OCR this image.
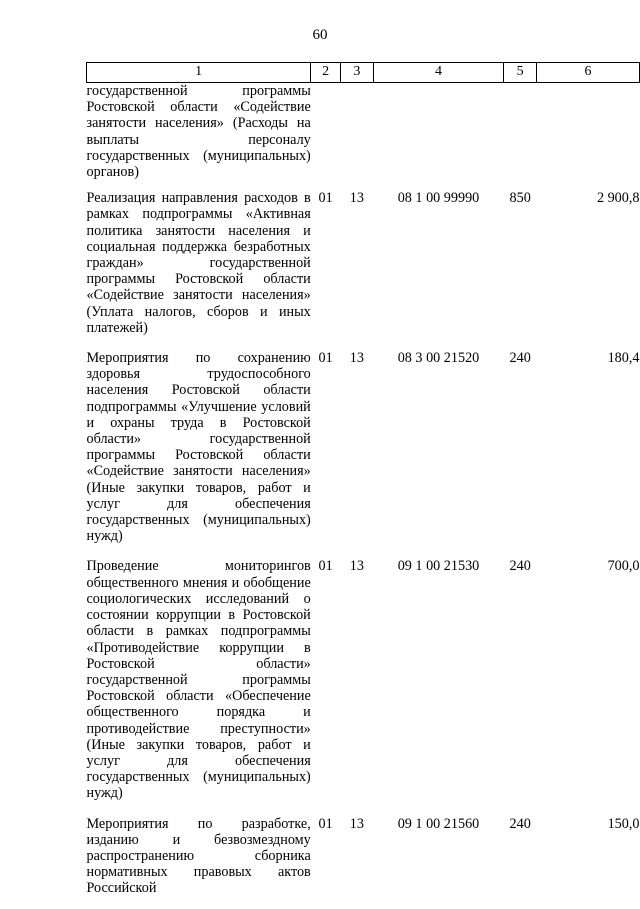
60
1	2	3	4	5	6
государственной программы Ростовской области «Содействие занятости населения» (Расходы на выплаты персоналу государственных (муниципальных) органов)					
Реализация направления расходов в рамках подпрограммы «Активная политика занятости населения и социальная поддержка безработных граждан» государственной программы Ростовской области «Содействие занятости населения» (Уплата налогов, сборов и иных платежей)	01	13	08 1 00 99990	850	2 900,8
Мероприятия по сохранению здоровья трудоспособного населения Ростовской области подпрограммы «Улучшение условий и охраны труда в Ростовской области» государственной программы Ростовской области «Содействие занятости населения» (Иные закупки товаров, работ и услуг для обеспечения государственных (муниципальных) нужд)	01	13	08 3 00 21520	240	180,4
Проведение мониторингов общественного мнения и обобщение социологических исследований о состоянии коррупции в Ростовской области в рамках подпрограммы «Противодействие коррупции в Ростовской области» государственной программы Ростовской области «Обеспечение общественного порядка и противодействие преступности» (Иные закупки товаров, работ и услуг для обеспечения государственных (муниципальных) нужд)	01	13	09 1 00 21530	240	700,0
Мероприятия по разработке, изданию и безвозмездному распространению сборника нормативных правовых актов Российской	01	13	09 1 00 21560	240	150,0
